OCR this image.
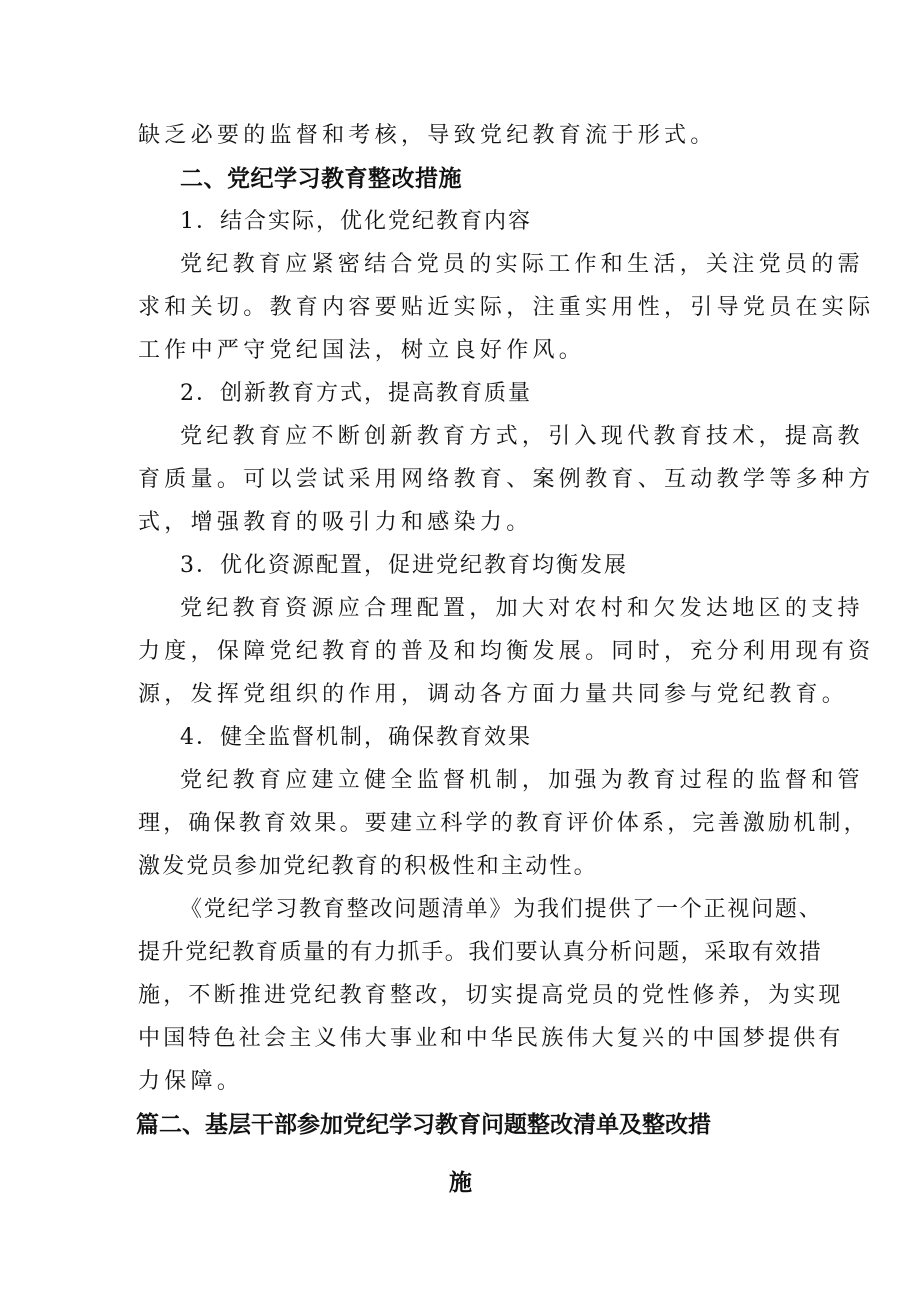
缺乏必要的监督和考核，导致党纪教育流于形式。
二、党纪学习教育整改措施
1．结合实际，优化党纪教育内容
党纪教育应紧密结合党员的实际工作和生活，关注党员的需
求和关切。教育内容要贴近实际，注重实用性，引导党员在实际
工作中严守党纪国法，树立良好作风。
2．创新教育方式，提高教育质量
党纪教育应不断创新教育方式，引入现代教育技术，提高教
育质量。可以尝试采用网络教育、案例教育、互动教学等多种方
式，增强教育的吸引力和感染力。
3．优化资源配置，促进党纪教育均衡发展
党纪教育资源应合理配置，加大对农村和欠发达地区的支持
力度，保障党纪教育的普及和均衡发展。同时，充分利用现有资
源，发挥党组织的作用，调动各方面力量共同参与党纪教育。
4．健全监督机制，确保教育效果
党纪教育应建立健全监督机制，加强为教育过程的监督和管
理，确保教育效果。要建立科学的教育评价体系，完善激励机制，
激发党员参加党纪教育的积极性和主动性。
《党纪学习教育整改问题清单》为我们提供了一个正视问题、
提升党纪教育质量的有力抓手。我们要认真分析问题，采取有效措
施，不断推进党纪教育整改，切实提高党员的党性修养，为实现
中国特色社会主义伟大事业和中华民族伟大复兴的中国梦提供有
力保障。
篇二、基层干部参加党纪学习教育问题整改清单及整改措
施
